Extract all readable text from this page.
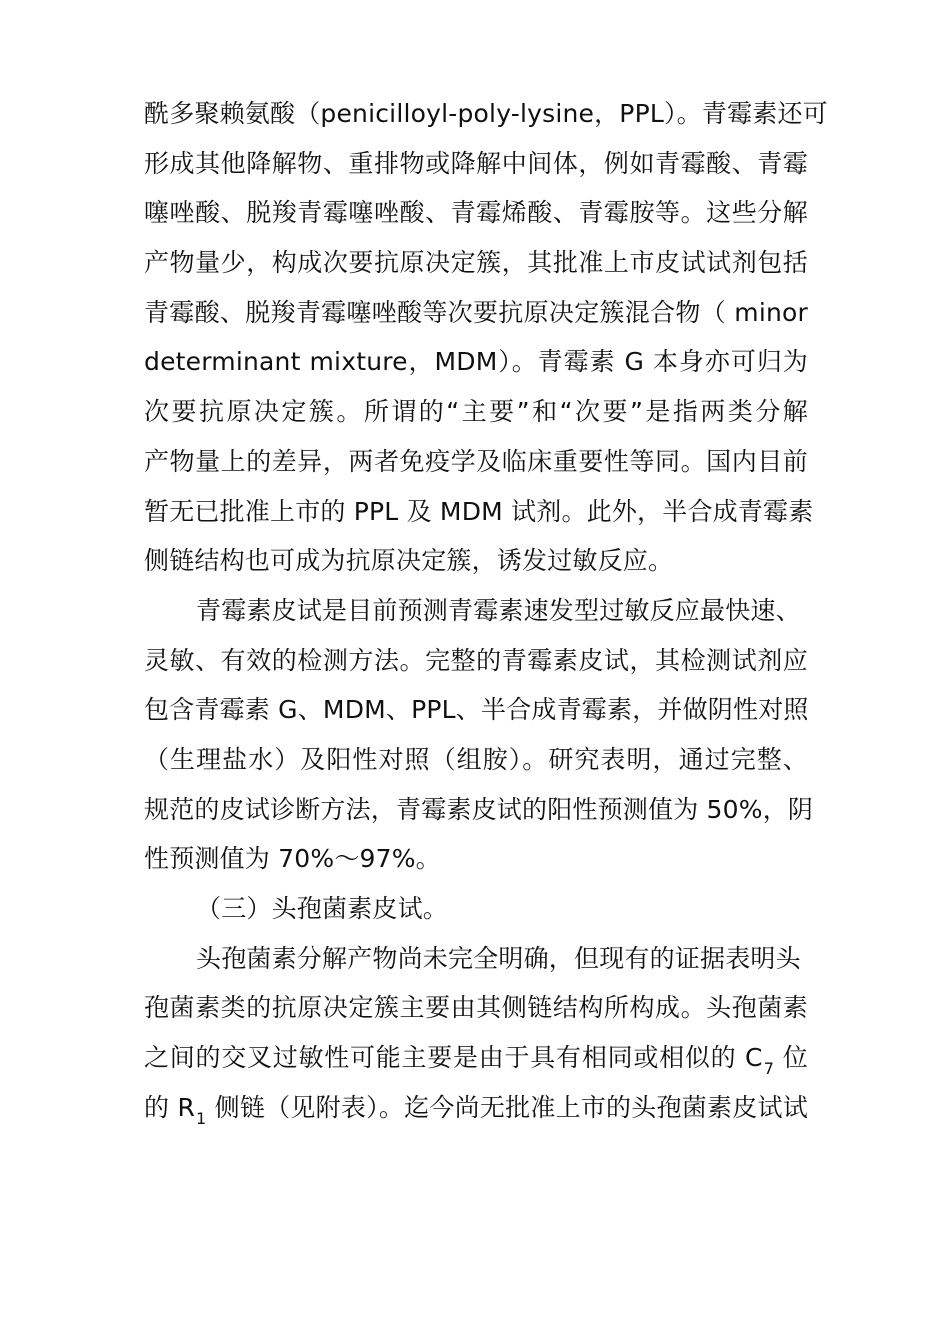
酰多聚赖氨酸（penicilloyl-poly-lysine，PPL）。青霉素还可
形成其他降解物、重排物或降解中间体，例如青霉酸、青霉
噻唑酸、脱羧青霉噻唑酸、青霉烯酸、青霉胺等。这些分解
产物量少，构成次要抗原决定簇，其批准上市皮试试剂包括
青霉酸、脱羧青霉噻唑酸等次要抗原决定簇混合物（ minor
determinant mixture，MDM）。青霉素 G 本身亦可归为
次要抗原决定簇。所谓的“主要”和“次要”是指两类分解
产物量上的差异，两者免疫学及临床重要性等同。国内目前
暂无已批准上市的 PPL 及 MDM 试剂。此外，半合成青霉素
侧链结构也可成为抗原决定簇，诱发过敏反应。
青霉素皮试是目前预测青霉素速发型过敏反应最快速、
灵敏、有效的检测方法。完整的青霉素皮试，其检测试剂应
包含青霉素 G、MDM、PPL、半合成青霉素，并做阴性对照
（生理盐水）及阳性对照（组胺）。研究表明，通过完整、
规范的皮试诊断方法，青霉素皮试的阳性预测值为 50%，阴
性预测值为 70%～97%。
（三）头孢菌素皮试。
头孢菌素分解产物尚未完全明确，但现有的证据表明头
孢菌素类的抗原决定簇主要由其侧链结构所构成。头孢菌素
之间的交叉过敏性可能主要是由于具有相同或相似的 $C_7$ 位
的 $R_1$ 侧链（见附表）。迄今尚无批准上市的头孢菌素皮试试
